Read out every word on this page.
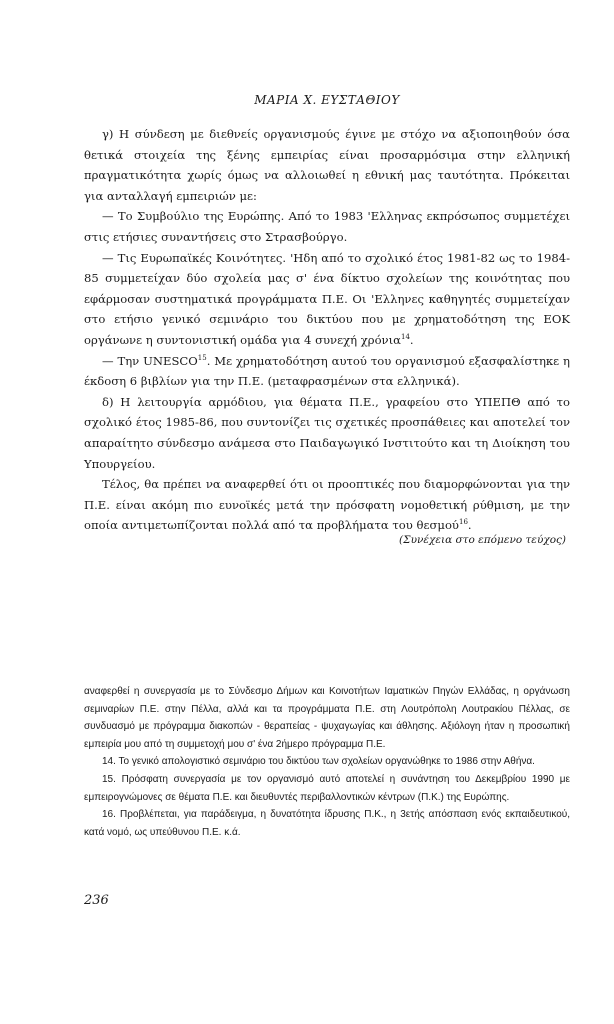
ΜΑΡΙΑ Χ. ΕΥΣΤΑΘΙΟΥ

γ) Η σύνδεση με διεθνείς οργανισμούς έγινε με στόχο να αξιοποιηθούν όσα θετικά στοιχεία της ξένης εμπειρίας είναι προσαρμόσιμα στην ελληνική πραγματικότητα χωρίς όμως να αλλοιωθεί η εθνική μας ταυτότητα. Πρόκειται για ανταλλαγή εμπειριών με:

— Το Συμβούλιο της Ευρώπης. Από το 1983 'Ελληνας εκπρόσωπος συμμετέχει στις ετήσιες συναντήσεις στο Στρασβούργο.

— Τις Ευρωπαϊκές Κοινότητες. 'Ηδη από το σχολικό έτος 1981-82 ως το 1984-85 συμμετείχαν δύο σχολεία μας σ' ένα δίκτυο σχολείων της κοινότητας που εφάρμοσαν συστηματικά προγράμματα Π.Ε. Οι 'Ελληνες καθηγητές συμμετείχαν στο ετήσιο γενικό σεμινάριο του δικτύου που με χρηματοδότηση της ΕΟΚ οργάνωνε η συντονιστική ομάδα για 4 συνεχή χρόνια$^{14}$.

— Την UNESCO$^{15}$. Με χρηματοδότηση αυτού του οργανισμού εξασφαλίστηκε η έκδοση 6 βιβλίων για την Π.Ε. (μεταφρασμένων στα ελληνικά).

δ) Η λειτουργία αρμόδιου, για θέματα Π.Ε., γραφείου στο ΥΠΕΠΘ από το σχολικό έτος 1985-86, που συντονίζει τις σχετικές προσπάθειες και αποτελεί τον απαραίτητο σύνδεσμο ανάμεσα στο Παιδαγωγικό Ινστιτούτο και τη Διοίκηση του Υπουργείου.

Τέλος, θα πρέπει να αναφερθεί ότι οι προοπτικές που διαμορφώνονται για την Π.Ε. είναι ακόμη πιο ευνοϊκές μετά την πρόσφατη νομοθετική ρύθμιση, με την οποία αντιμετωπίζονται πολλά από τα προβλήματα του θεσμού$^{16}$.

(Συνέχεια στο επόμενο τεύχος)

αναφερθεί η συνεργασία με το Σύνδεσμο Δήμων και Κοινοτήτων Ιαματικών Πηγών Ελλάδας, η οργάνωση σεμιναρίων Π.Ε. στην Πέλλα, αλλά και τα προγράμματα Π.Ε. στη Λουτρόπολη Λουτρακίου Πέλλας, σε συνδυασμό με πρόγραμμα διακοπών - θεραπείας - ψυχαγωγίας και άθλησης. Αξιόλογη ήταν η προσωπική εμπειρία μου από τη συμμετοχή μου σ' ένα 2ήμερο πρόγραμμα Π.Ε.

14. Το γενικό απολογιστικό σεμινάριο του δικτύου των σχολείων οργανώθηκε το 1986 στην Αθήνα.

15. Πρόσφατη συνεργασία με τον οργανισμό αυτό αποτελεί η συνάντηση του Δεκεμβρίου 1990 με εμπειρογνώμονες σε θέματα Π.Ε. και διευθυντές περιβαλλοντικών κέντρων (Π.Κ.) της Ευρώπης.

16. Προβλέπεται, για παράδειγμα, η δυνατότητα ίδρυσης Π.Κ., η 3ετής απόσπαση ενός εκπαιδευτικού, κατά νομό, ως υπεύθυνου Π.Ε. κ.ά.

236
